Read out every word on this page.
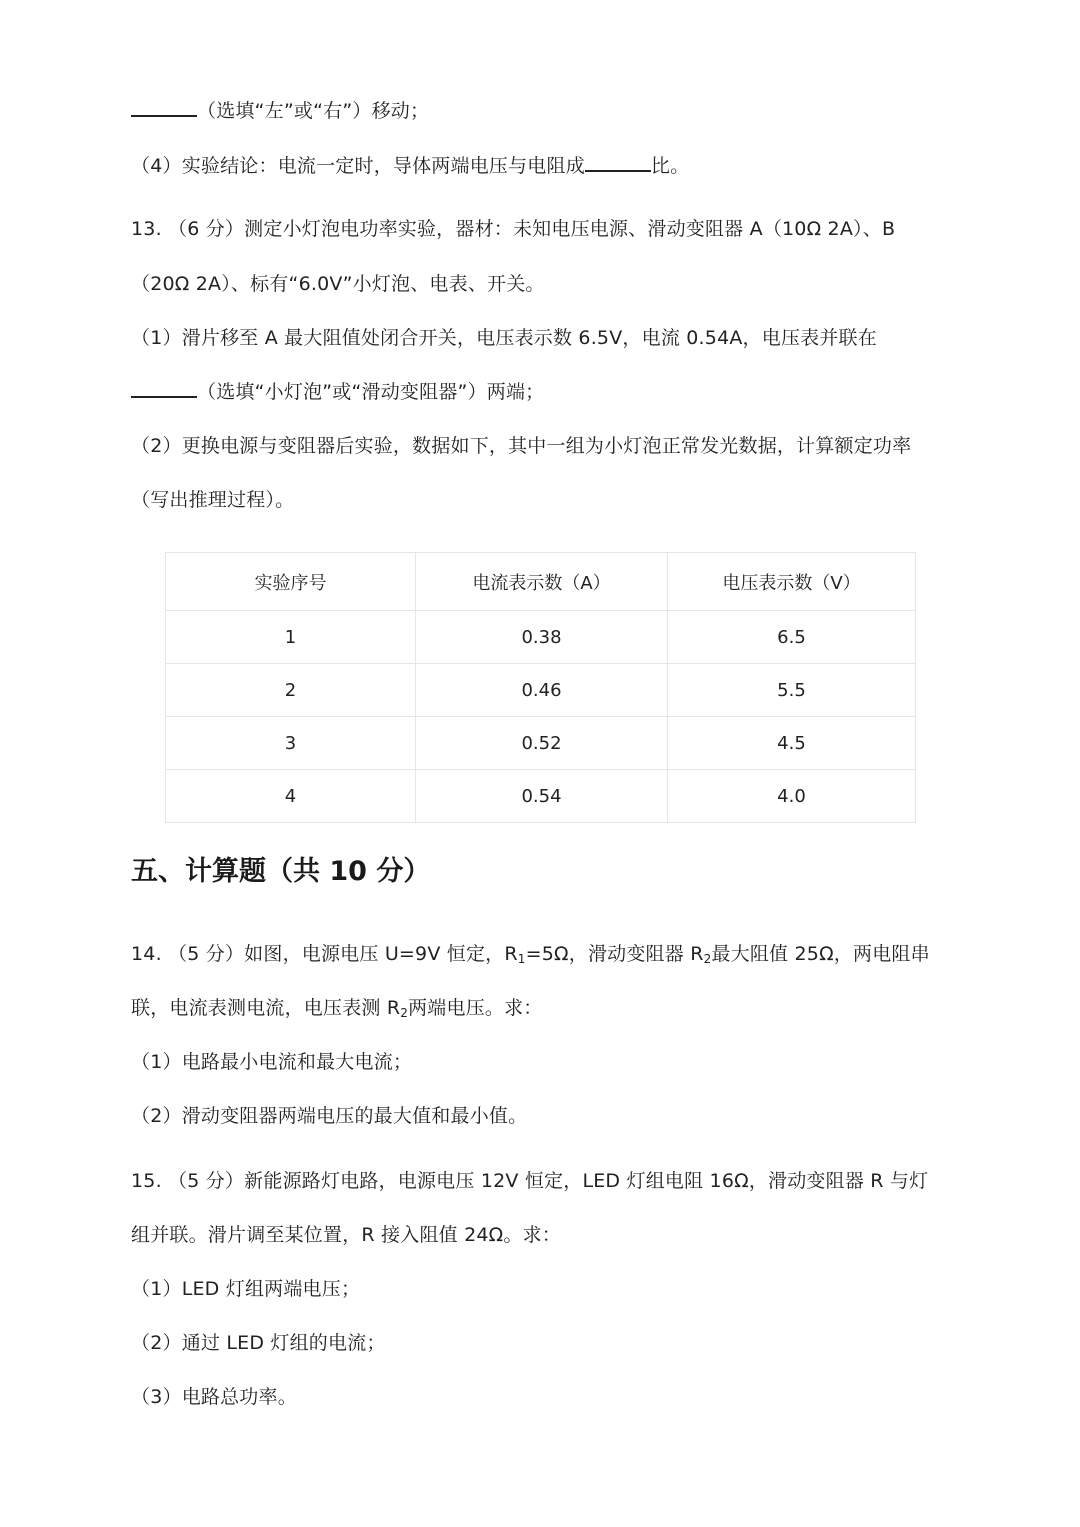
（选填“左”或“右”）移动；
（4）实验结论：电流一定时，导体两端电压与电阻成	比。
13. （6 分）测定小灯泡电功率实验，器材：未知电压电源、滑动变阻器 A（10Ω 2A）、B
（20Ω 2A）、标有“6.0V”小灯泡、电表、开关。
（1）滑片移至 A 最大阻值处闭合开关，电压表示数 6.5V，电流 0.54A，电压表并联在
（选填“小灯泡”或“滑动变阻器”）两端；
（2）更换电源与变阻器后实验，数据如下，其中一组为小灯泡正常发光数据，计算额定功率
（写出推理过程）。
实验序号	电流表示数（A）	电压表示数（V）
1	0.38	6.5
2	0.46	5.5
3	0.52	4.5
4	0.54	4.0
五、计算题（共 10 分）
14. （5 分）如图，电源电压 U=9V 恒定，$R_1=5\Omega$，滑动变阻器 $R_2$最大阻值 25Ω，两电阻串
联，电流表测电流，电压表测 $R_2$两端电压。求：
（1）电路最小电流和最大电流；
（2）滑动变阻器两端电压的最大值和最小值。
15. （5 分）新能源路灯电路，电源电压 12V 恒定，LED 灯组电阻 16Ω，滑动变阻器 R 与灯
组并联。滑片调至某位置，R 接入阻值 24Ω。求：
（1）LED 灯组两端电压；
（2）通过 LED 灯组的电流；
（3）电路总功率。
